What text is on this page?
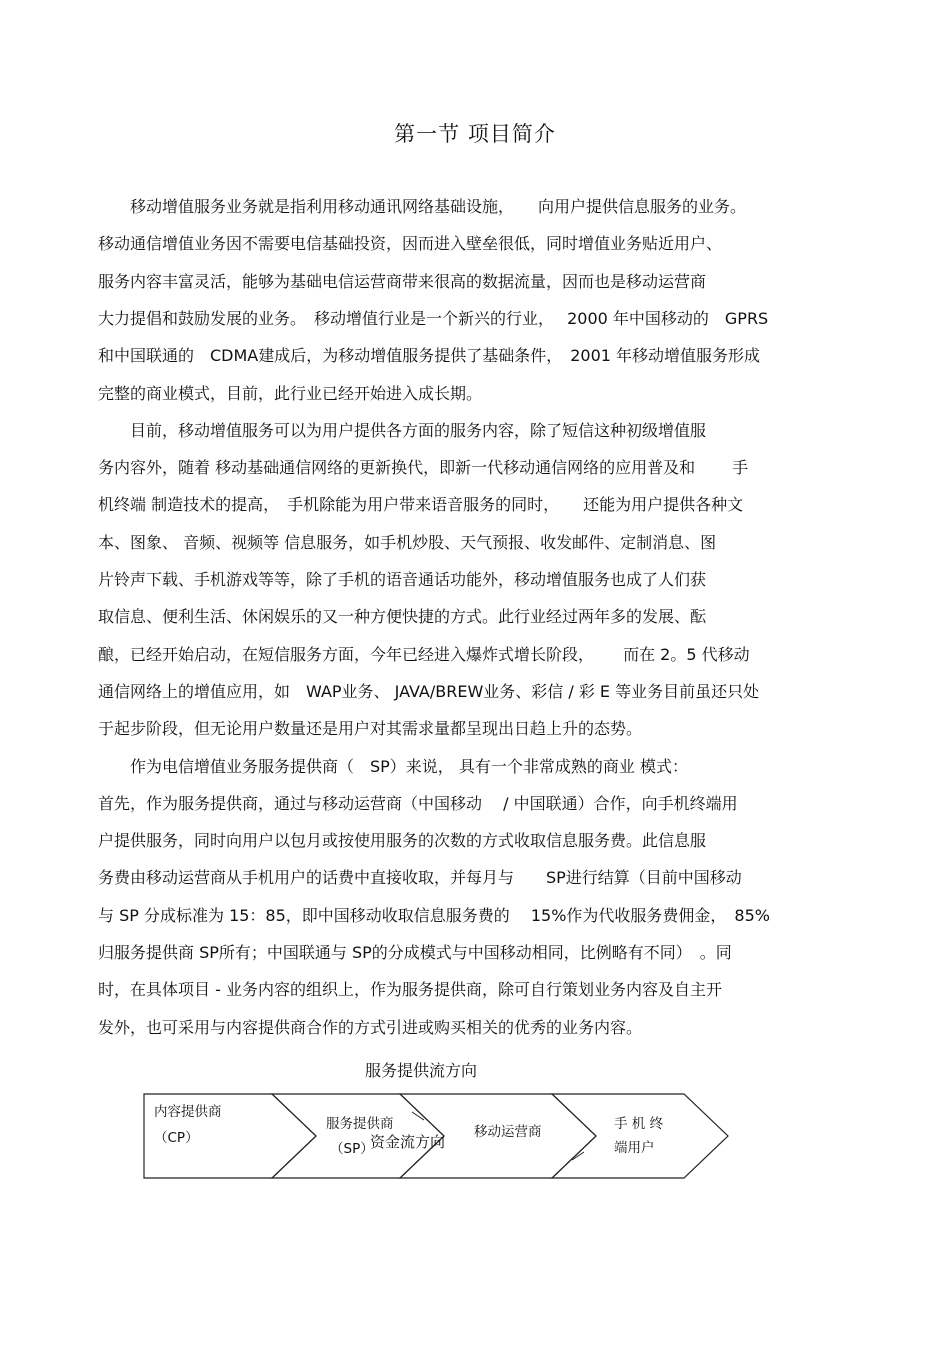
第一节 项目简介
　　移动增值服务业务就是指利用移动通讯网络基础设施，　　向用户提供信息服务的业务。
移动通信增值业务因不需要电信基础投资，因而进入壁垒很低，同时增值业务贴近用户、
服务内容丰富灵活，能够为基础电信运营商带来很高的数据流量，因而也是移动运营商
大力提倡和鼓励发展的业务。　移动增值行业是一个新兴的行业，　 2000 年中国移动的　GPRS
和中国联通的　CDMA建成后，为移动增值服务提供了基础条件，　2001 年移动增值服务形成
完整的商业模式，目前，此行业已经开始进入成长期。
　　目前，移动增值服务可以为用户提供各方面的服务内容，除了短信这种初级增值服
务内容外，随着 移动基础通信网络的更新换代，即新一代移动通信网络的应用普及和　　 手
机终端 制造技术的提高，　手机除能为用户带来语音服务的同时，　　还能为用户提供各种文
本、图象、 音频、视频等 信息服务，如手机炒股、天气预报、收发邮件、定制消息、图
片铃声下载、手机游戏等等，除了手机的语音通话功能外，移动增值服务也成了人们获
取信息、便利生活、休闲娱乐的又一种方便快捷的方式。此行业经过两年多的发展、酝
酿，已经开始启动，在短信服务方面，今年已经进入爆炸式增长阶段，　　 而在 2。5 代移动
通信网络上的增值应用，如　WAP业务、 JAVA/BREW业务、彩信 / 彩 E 等业务目前虽还只处
于起步阶段，但无论用户数量还是用户对其需求量都呈现出日趋上升的态势。
　　作为电信增值业务服务提供商（　SP）来说， 具有一个非常成熟的商业 模式：
首先，作为服务提供商，通过与移动运营商（中国移动　 / 中国联通）合作，向手机终端用
户提供服务，同时向用户以包月或按使用服务的次数的方式收取信息服务费。此信息服
务费由移动运营商从手机用户的话费中直接收取，并每月与　　SP进行结算（目前中国移动
与 SP 分成标准为 15：85，即中国移动收取信息服务费的　 15%作为代收服务费佣金，　85%
归服务提供商 SP所有；中国联通与 SP的分成模式与中国移动相同，比例略有不同）　。同
时，在具体项目 - 业务内容的组织上，作为服务提供商，除可自行策划业务内容及自主开
发外，也可采用与内容提供商合作的方式引进或购买相关的优秀的业务内容。
服务提供流方向
内容提供商
（CP）
服务提供商
（SP）
资金流方向
移动运营商	手 机 终
端用户
